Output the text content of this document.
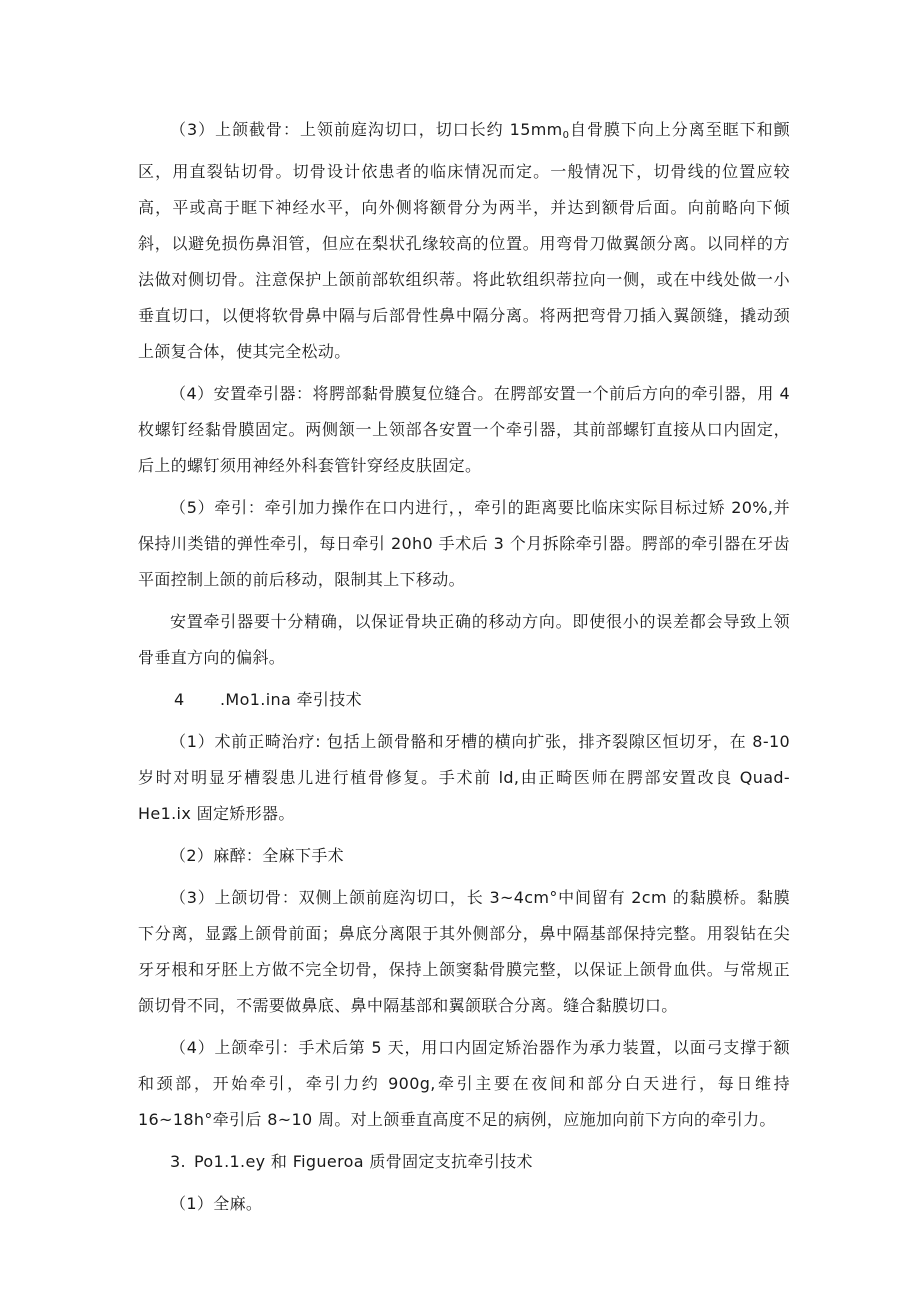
（3）上颌截骨：上领前庭沟切口，切口长约 15mm0自骨膜下向上分离至眶下和颤区，用直裂钻切骨。切骨设计依患者的临床情况而定。一般情况下，切骨线的位置应较高，平或高于眶下神经水平，向外侧将额骨分为两半，并达到额骨后面。向前略向下倾斜，以避免损伤鼻泪管，但应在梨状孔缘较高的位置。用弯骨刀做翼颌分离。以同样的方法做对侧切骨。注意保护上颌前部软组织蒂。将此软组织蒂拉向一侧，或在中线处做一小垂直切口，以便将软骨鼻中隔与后部骨性鼻中隔分离。将两把弯骨刀插入翼颌缝，撬动颈上颌复合体，使其完全松动。

（4）安置牵引器：将腭部黏骨膜复位缝合。在腭部安置一个前后方向的牵引器，用 4 枚螺钉经黏骨膜固定。两侧颔一上领部各安置一个牵引器，其前部螺钉直接从口内固定，后上的螺钉须用神经外科套管针穿经皮肤固定。

（5）牵引：牵引加力操作在口内进行，，牵引的距离要比临床实际目标过矫 20%,并保持川类错的弹性牵引，每日牵引 20h0 手术后 3 个月拆除牵引器。腭部的牵引器在牙齿平面控制上颌的前后移动，限制其上下移动。

安置牵引器要十分精确，以保证骨块正确的移动方向。即使很小的误差都会导致上领骨垂直方向的偏斜。

4 .Mo1.ina 牵引技术

（1）术前正畸治疗: 包括上颌骨骼和牙槽的横向扩张，排齐裂隙区恒切牙，在 8-10 岁时对明显牙槽裂患儿进行植骨修复。手术前 ld,由正畸医师在腭部安置改良 Quad-He1.ix 固定矫形器。

（2）麻醉：全麻下手术

（3）上颌切骨：双侧上颌前庭沟切口，长 3~4cm°中间留有 2cm 的黏膜桥。黏膜下分离，显露上颌骨前面；鼻底分离限于其外侧部分，鼻中隔基部保持完整。用裂钻在尖牙牙根和牙胚上方做不完全切骨，保持上颌窦黏骨膜完整，以保证上颌骨血供。与常规正颌切骨不同，不需要做鼻底、鼻中隔基部和翼颌联合分离。缝合黏膜切口。

（4）上颌牵引：手术后第 5 天，用口内固定矫治器作为承力装置，以面弓支撑于额和颈部，开始牵引，牵引力约 900g,牵引主要在夜间和部分白天进行，每日维持 16~18h°牵引后 8~10 周。对上颌垂直高度不足的病例，应施加向前下方向的牵引力。

3. Po1.1.ey 和 Figueroa 质骨固定支抗牵引技术

（1）全麻。
